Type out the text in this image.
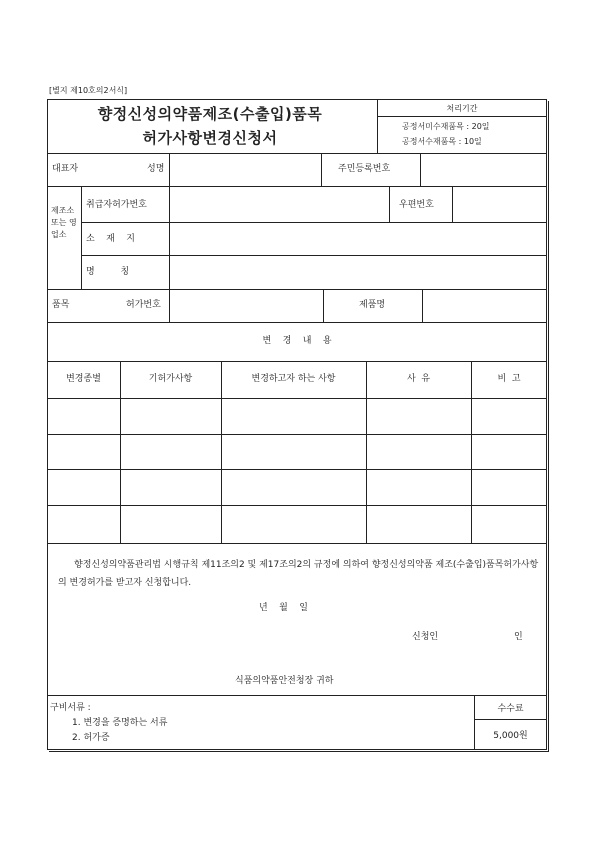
[별지 제10호의2서식]
향정신성의약품제조(수출입)품목
허가사항변경신청서
처리기간
공정서미수재품목 : 20일
공정서수재품목 : 10일
대표자	성명	주민등록번호
제조소 또는 영업소
취급자허가번호	우편번호
소    재    지
명         칭
품목	허가번호	제품명
변    경    내    용
변경종별	기허가사항	변경하고자 하는 사항	사  유	비  고
향정신성의약품관리법 시행규칙 제11조의2 및 제17조의2의 규정에 의하여 향정신성의약품 제조(수출입)품목허가사항의 변경허가를 받고자 신청합니다.
년    월    일
신청인	인
식품의약품안전청장 귀하
구비서류 :
1. 변경을 증명하는 서류
2. 허가증
수수료
5,000원
